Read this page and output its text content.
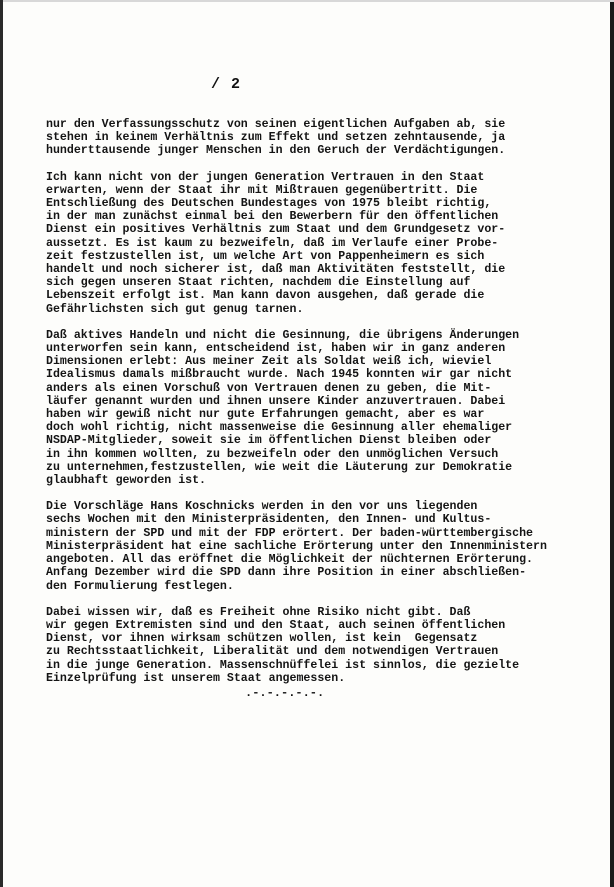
/ 2
nur den Verfassungsschutz von seinen eigentlichen Aufgaben ab, sie
stehen in keinem Verhältnis zum Effekt und setzen zehntausende, ja
hunderttausende junger Menschen in den Geruch der Verdächtigungen.
Ich kann nicht von der jungen Generation Vertrauen in den Staat
erwarten, wenn der Staat ihr mit Mißtrauen gegenübertritt. Die
Entschließung des Deutschen Bundestages von 1975 bleibt richtig,
in der man zunächst einmal bei den Bewerbern für den öffentlichen
Dienst ein positives Verhältnis zum Staat und dem Grundgesetz vor-
aussetzt. Es ist kaum zu bezweifeln, daß im Verlaufe einer Probe-
zeit festzustellen ist, um welche Art von Pappenheimern es sich
handelt und noch sicherer ist, daß man Aktivitäten feststellt, die
sich gegen unseren Staat richten, nachdem die Einstellung auf
Lebenszeit erfolgt ist. Man kann davon ausgehen, daß gerade die
Gefährlichsten sich gut genug tarnen.
Daß aktives Handeln und nicht die Gesinnung, die übrigens Änderungen
unterworfen sein kann, entscheidend ist, haben wir in ganz anderen
Dimensionen erlebt: Aus meiner Zeit als Soldat weiß ich, wieviel
Idealismus damals mißbraucht wurde. Nach 1945 konnten wir gar nicht
anders als einen Vorschuß von Vertrauen denen zu geben, die Mit-
läufer genannt wurden und ihnen unsere Kinder anzuvertrauen. Dabei
haben wir gewiß nicht nur gute Erfahrungen gemacht, aber es war
doch wohl richtig, nicht massenweise die Gesinnung aller ehemaliger
NSDAP-Mitglieder, soweit sie im öffentlichen Dienst bleiben oder
in ihn kommen wollten, zu bezweifeln oder den unmöglichen Versuch
zu unternehmen,festzustellen, wie weit die Läuterung zur Demokratie
glaubhaft geworden ist.
Die Vorschläge Hans Koschnicks werden in den vor uns liegenden
sechs Wochen mit den Ministerpräsidenten, den Innen- und Kultus-
ministern der SPD und mit der FDP erörtert. Der baden-württembergische
Ministerpräsident hat eine sachliche Erörterung unter den Innenministern
angeboten. All das eröffnet die Möglichkeit der nüchternen Erörterung.
Anfang Dezember wird die SPD dann ihre Position in einer abschließen-
den Formulierung festlegen.
Dabei wissen wir, daß es Freiheit ohne Risiko nicht gibt. Daß
wir gegen Extremisten sind und den Staat, auch seinen öffentlichen
Dienst, vor ihnen wirksam schützen wollen, ist kein  Gegensatz
zu Rechtsstaatlichkeit, Liberalität und dem notwendigen Vertrauen
in die junge Generation. Massenschnüffelei ist sinnlos, die gezielte
Einzelprüfung ist unserem Staat angemessen.
.-.-.-.-.-.
